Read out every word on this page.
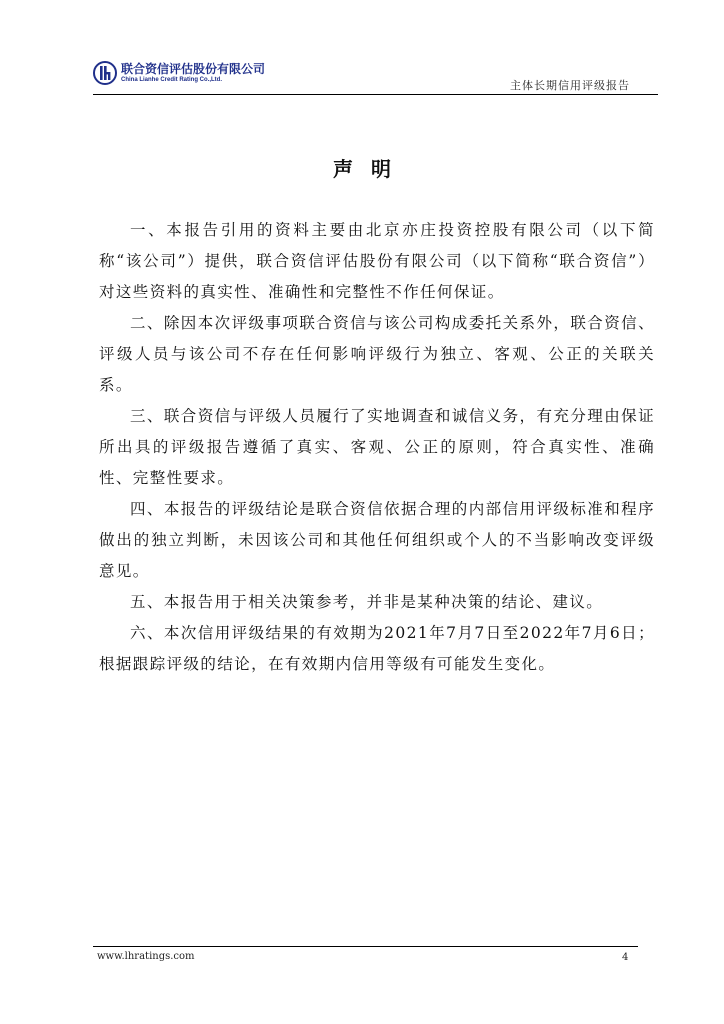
联合资信评估股份有限公司
China Lianhe Credit Rating Co.,Ltd.	主体长期信用评级报告
声明

一、本报告引用的资料主要由北京亦庄投资控股有限公司（以下简称“该公司”）提供，联合资信评估股份有限公司（以下简称“联合资信”）对这些资料的真实性、准确性和完整性不作任何保证。

二、除因本次评级事项联合资信与该公司构成委托关系外，联合资信、评级人员与该公司不存在任何影响评级行为独立、客观、公正的关联关系。

三、联合资信与评级人员履行了实地调查和诚信义务，有充分理由保证所出具的评级报告遵循了真实、客观、公正的原则，符合真实性、准确性、完整性要求。

四、本报告的评级结论是联合资信依据合理的内部信用评级标准和程序做出的独立判断，未因该公司和其他任何组织或个人的不当影响改变评级意见。

五、本报告用于相关决策参考，并非是某种决策的结论、建议。

六、本次信用评级结果的有效期为2021年7月7日至2022年7月6日；根据跟踪评级的结论，在有效期内信用等级有可能发生变化。

www.lhratings.com	4
